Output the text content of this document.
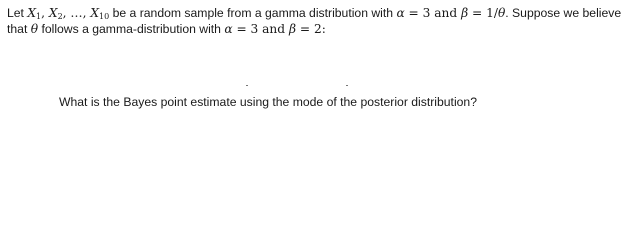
Let $X_1$, $X_2$, …, $X_{10}$ be a random sample from a gamma distribution with α = 3 and β = 1/θ. Suppose we believe
that θ follows a gamma-distribution with α = 3 and β = 2:
What is the Bayes point estimate using the mode of the posterior distribution?
